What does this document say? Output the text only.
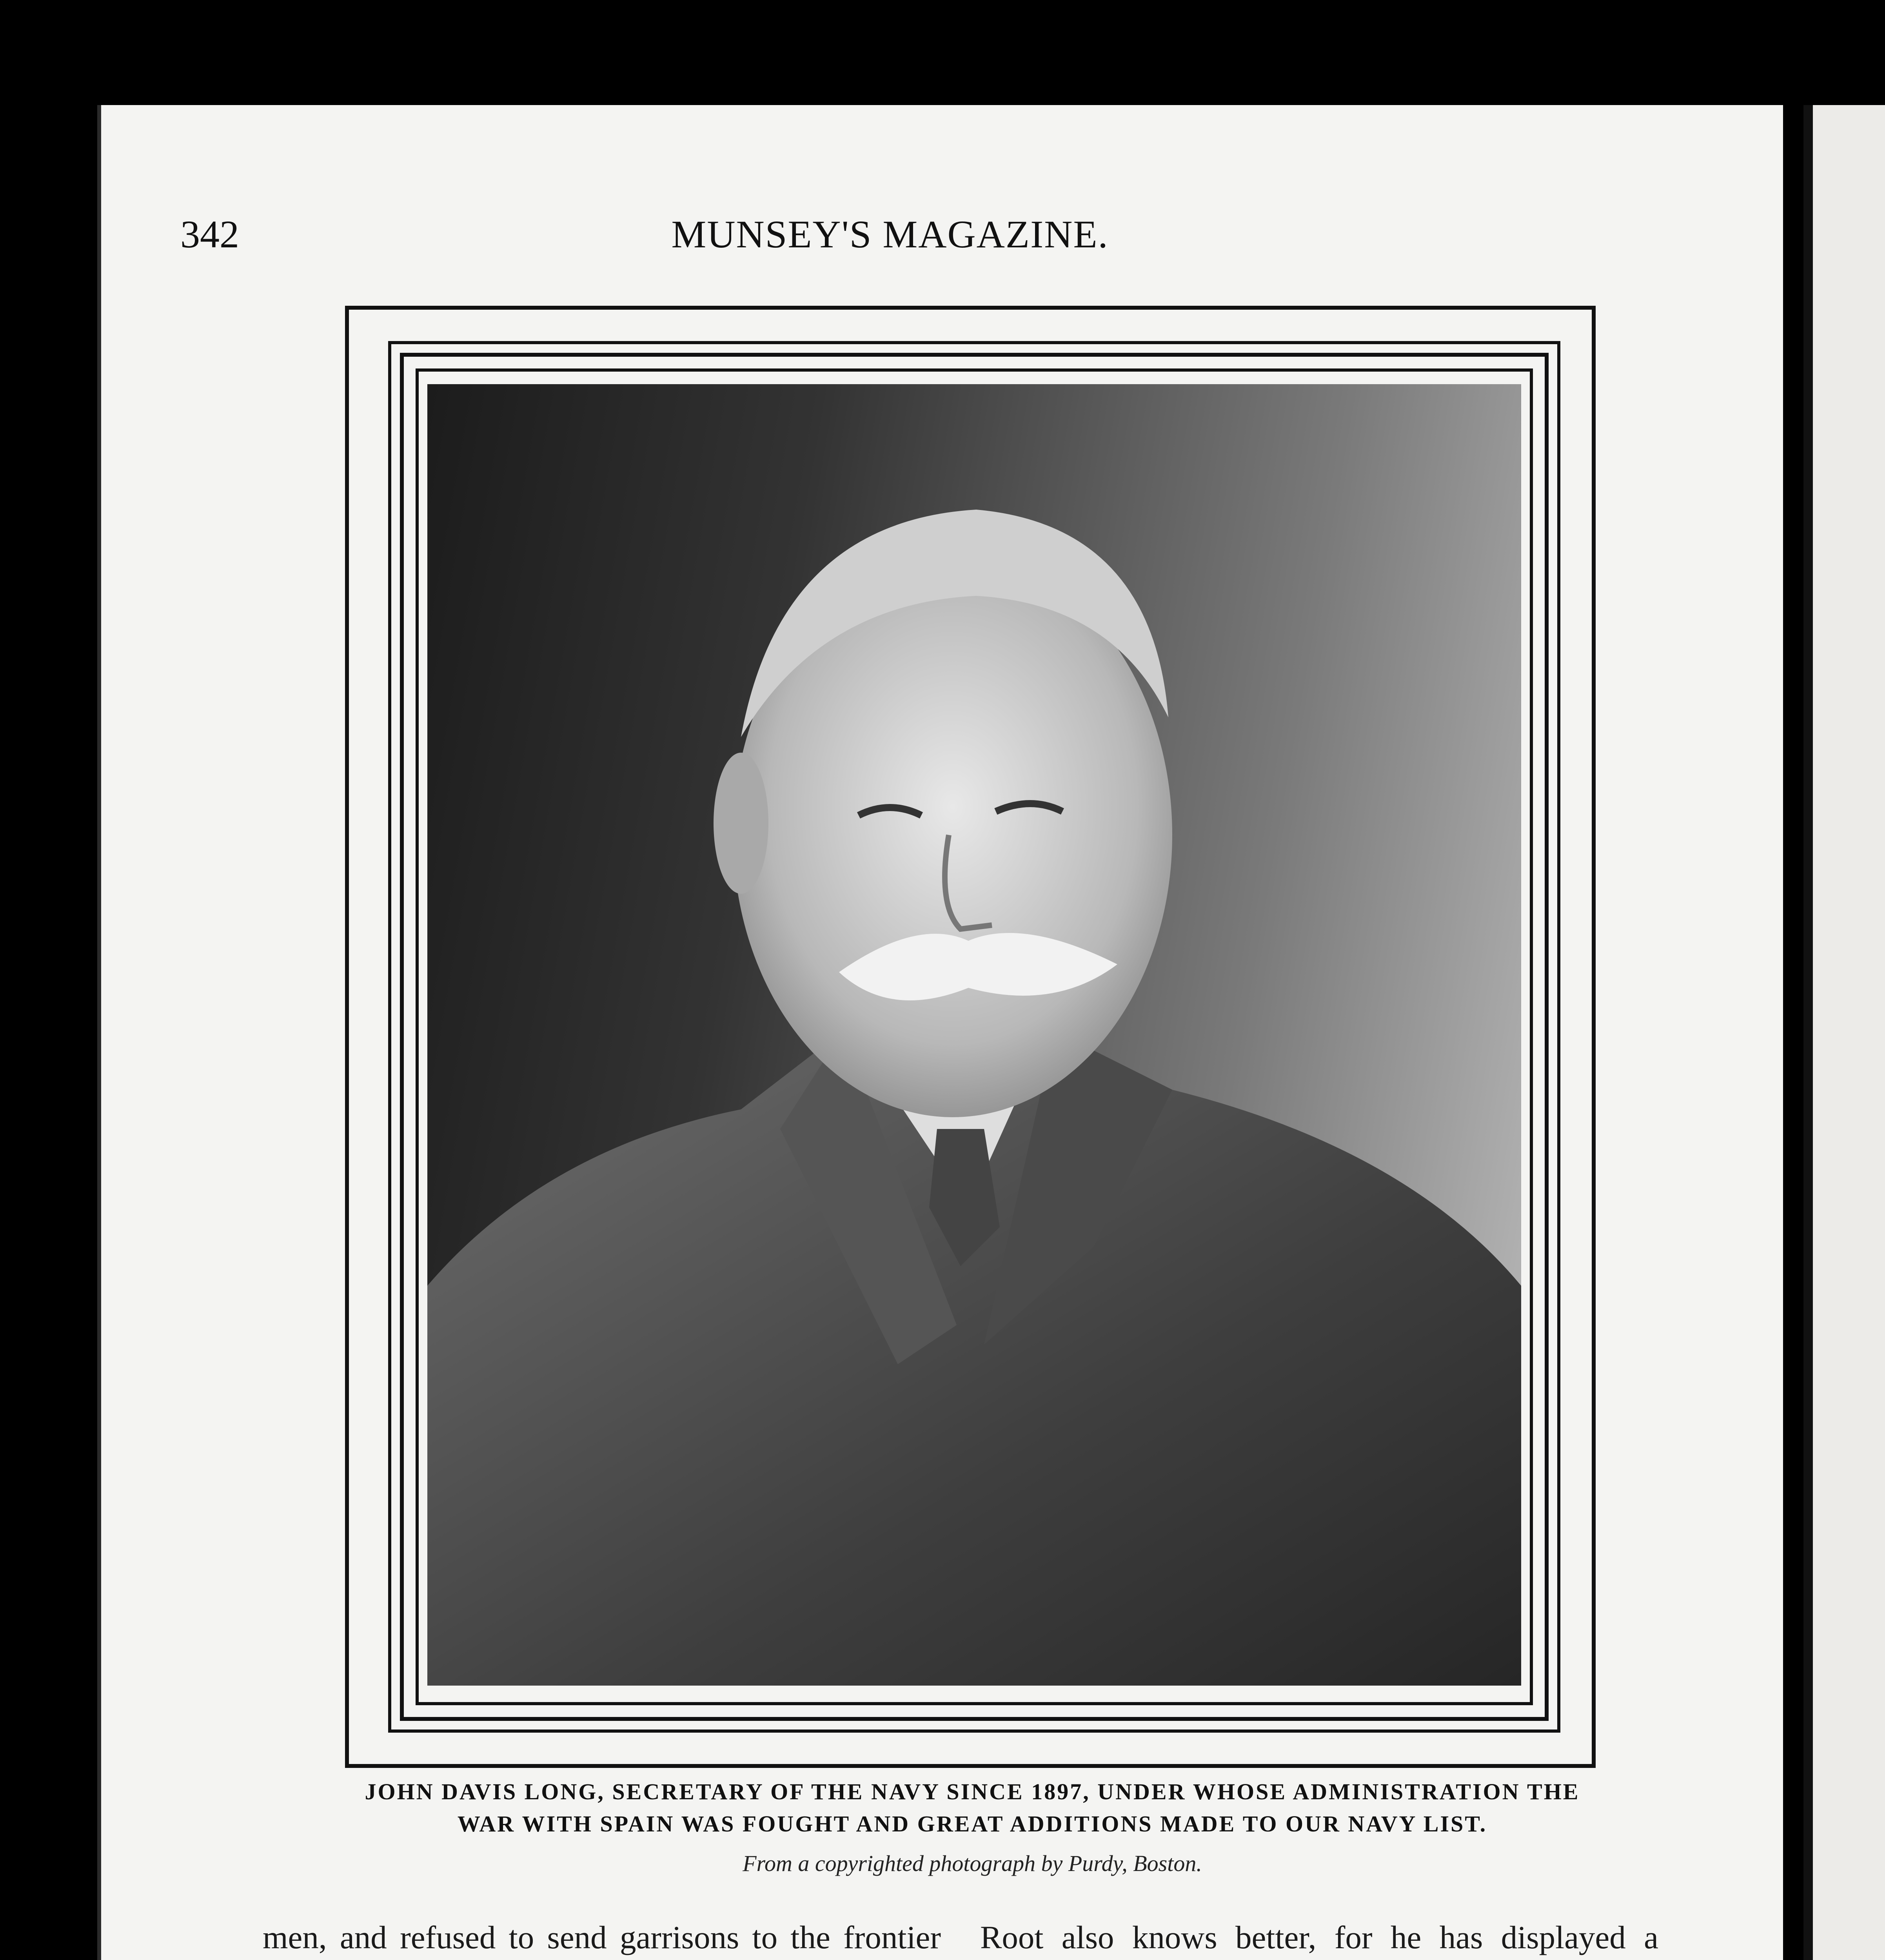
342	MUNSEY'S MAGAZINE.
JOHN DAVIS LONG, SECRETARY OF THE NAVY SINCE 1897, UNDER WHOSE ADMINISTRATION THE WAR WITH SPAIN WAS FOUGHT AND GREAT ADDITIONS MADE TO OUR NAVY LIST.
From a copyrighted photograph by Purdy, Boston.

men, and refused to send garrisons to the frontier Root also knows better, for he has displayed a
